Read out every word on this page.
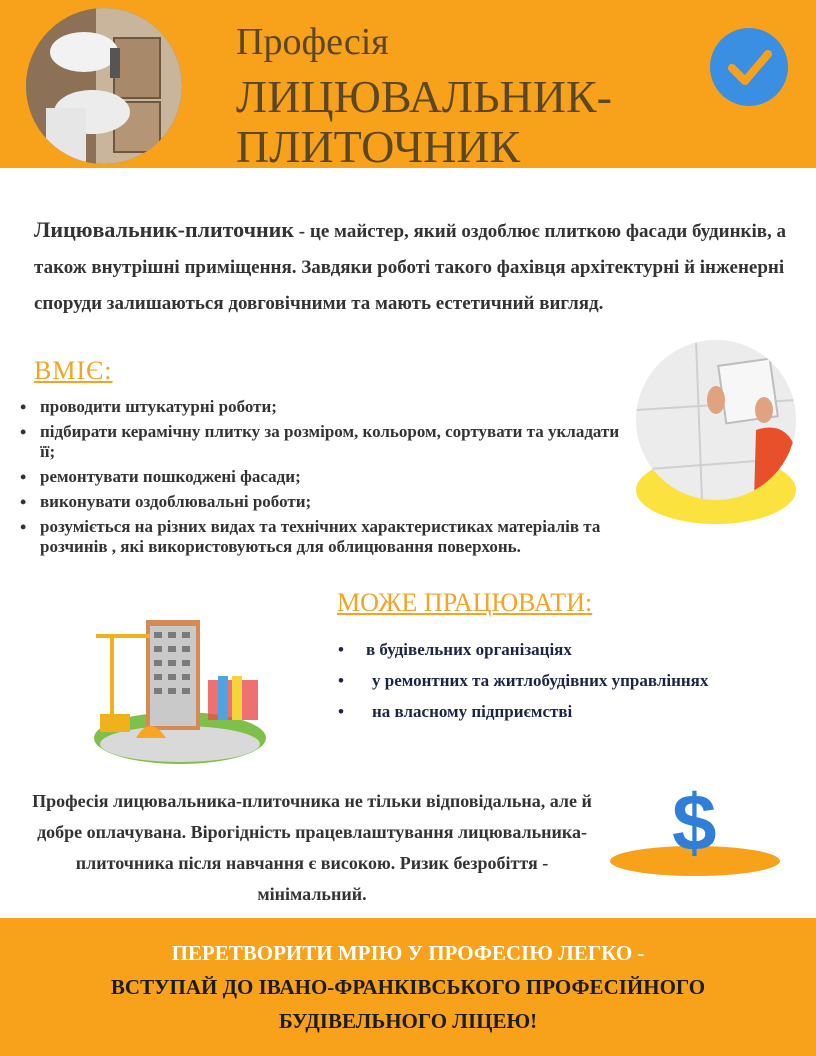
Професія
ЛИЦЮВАЛЬНИК-
ПЛИТОЧНИК
Лицювальник-плиточник - це майстер, який оздоблює плиткою фасади будинків, а також внутрішні приміщення. Завдяки роботі такого фахівця архітектурні й інженерні споруди залишаються довговічними та мають естетичний вигляд.
ВМІЄ:
• проводити штукатурні роботи;
• підбирати керамічну плитку за розміром, кольором, сортувати та укладати її;
• ремонтувати пошкоджені фасади;
• виконувати оздоблювальні роботи;
• розуміється на різних видах та технічних характеристиках матеріалів та розчинів , які використовуються для облицювання поверхонь.
МОЖЕ ПРАЦЮВАТИ:
• в будівельних організаціях
• у ремонтних та житлобудівних управліннях
• на власному підприємстві
Професія лицювальника-плиточника не тільки відповідальна, але й добре оплачувана. Вірогідність працевлаштування лицювальника-плиточника після навчання є високою. Ризик безробіття - мінімальний.
$
ПЕРЕТВОРИТИ МРІЮ У ПРОФЕСІЮ ЛЕГКО -
ВСТУПАЙ ДО ІВАНО-ФРАНКІВСЬКОГО ПРОФЕСІЙНОГО
БУДІВЕЛЬНОГО ЛІЦЕЮ!
